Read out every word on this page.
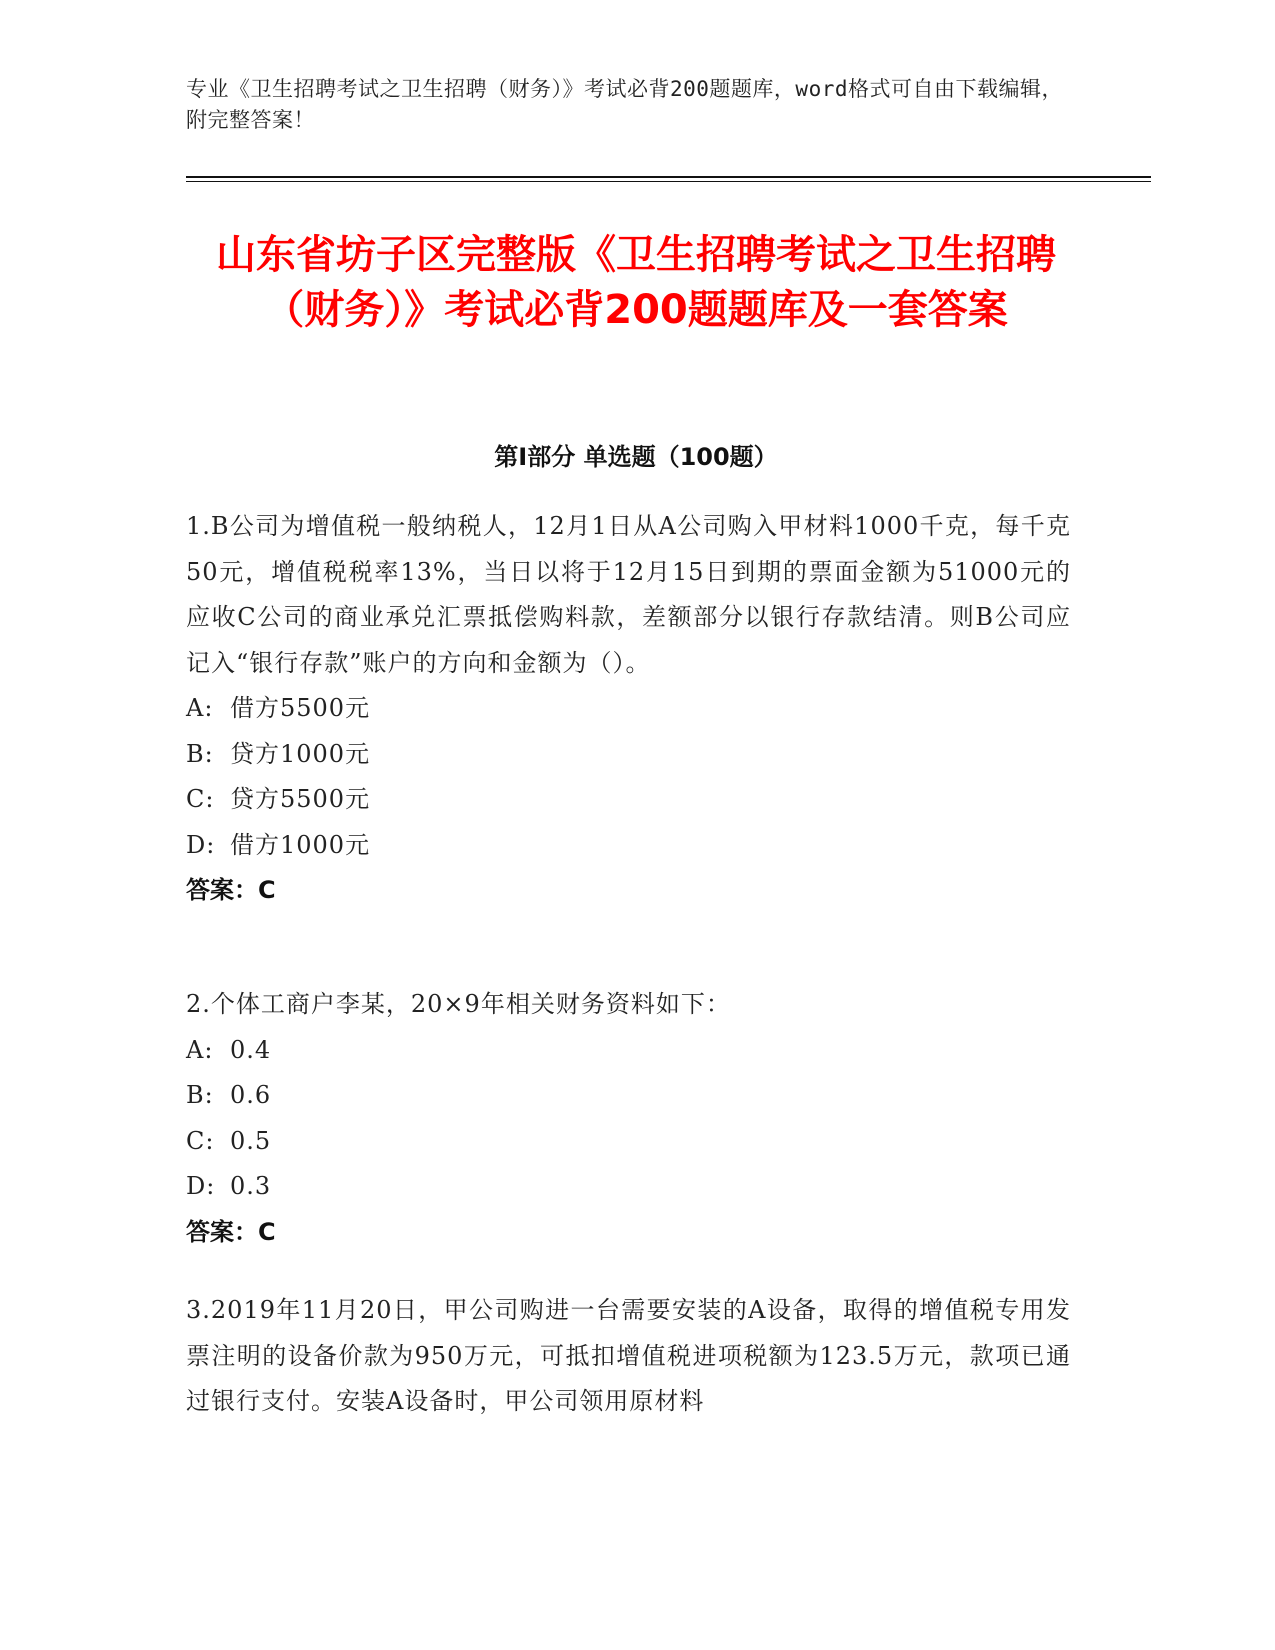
专业《卫生招聘考试之卫生招聘（财务）》考试必背200题题库，word格式可自由下载编辑，附完整答案！
山东省坊子区完整版《卫生招聘考试之卫生招聘（财务）》考试必背200题题库及一套答案
第I部分 单选题（100题）

1.B公司为增值税一般纳税人，12月1日从A公司购入甲材料1000千克，每千克50元，增值税税率13%，当日以将于12月15日到期的票面金额为51000元的应收C公司的商业承兑汇票抵偿购料款，差额部分以银行存款结清。则B公司应记入“银行存款”账户的方向和金额为（）。

A: 借方5500元
B: 贷方1000元
C: 贷方5500元
D: 借方1000元
答案：C

2.个体工商户李某，20×9年相关财务资料如下：

A: 0.4
B: 0.6
C: 0.5
D: 0.3
答案：C

3.2019年11月20日，甲公司购进一台需要安装的A设备，取得的增值税专用发票注明的设备价款为950万元，可抵扣增值税进项税额为123.5万元，款项已通过银行支付。安装A设备时，甲公司领用原材料
